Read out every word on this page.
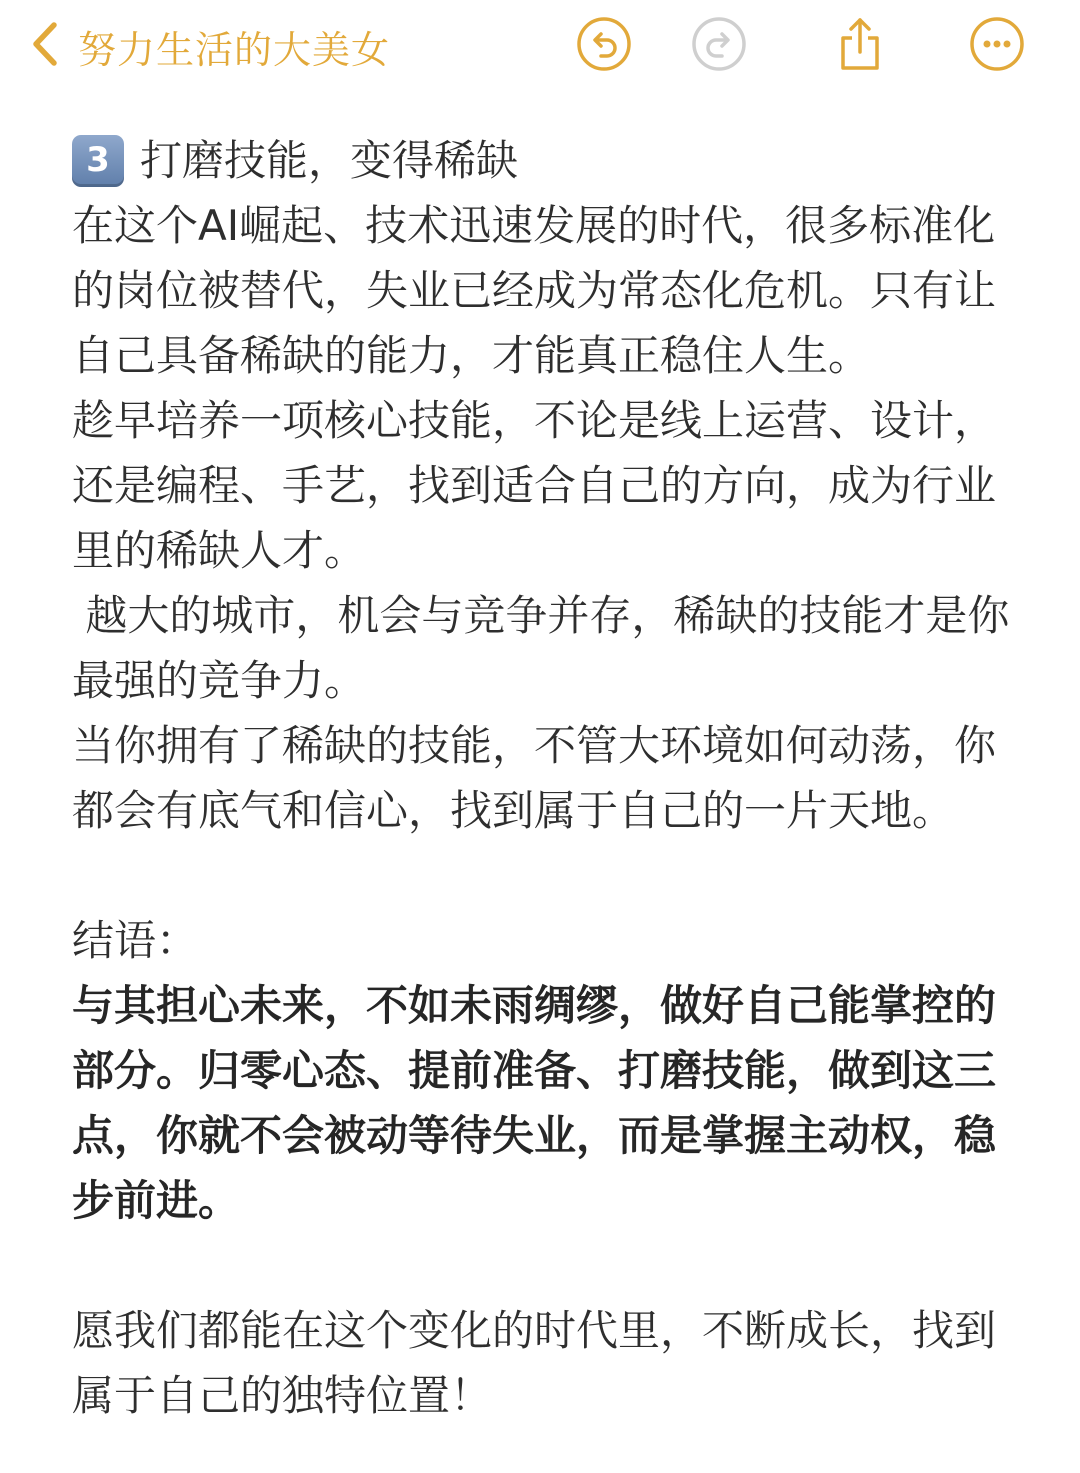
努力生活的大美女
3 打磨技能，变得稀缺

在这个AI崛起、技术迅速发展的时代，很多标准化的岗位被替代，失业已经成为常态化危机。只有让自己具备稀缺的能力，才能真正稳住人生。

趁早培养一项核心技能，不论是线上运营、设计，还是编程、手艺，找到适合自己的方向，成为行业里的稀缺人才。

越大的城市，机会与竞争并存，稀缺的技能才是你最强的竞争力。

当你拥有了稀缺的技能，不管大环境如何动荡，你都会有底气和信心，找到属于自己的一片天地。

结语：

与其担心未来，不如未雨绸缪，做好自己能掌控的部分。归零心态、提前准备、打磨技能，做到这三点，你就不会被动等待失业，而是掌握主动权，稳步前进。

愿我们都能在这个变化的时代里，不断成长，找到属于自己的独特位置！
